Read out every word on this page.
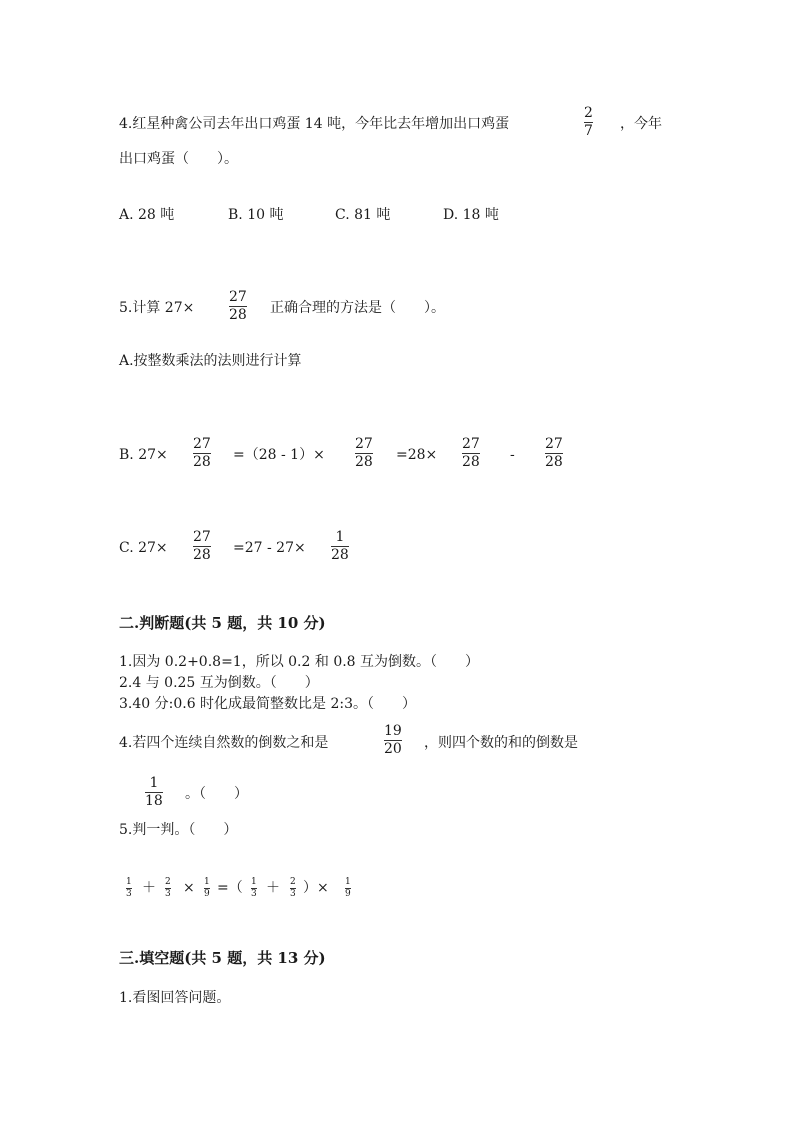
4.红星种禽公司去年出口鸡蛋 14 吨，今年比去年增加出口鸡蛋
2
7 ，今年
出口鸡蛋（　　）。
A. 28 吨	B. 10 吨	C. 81 吨	D. 18 吨
5.计算 27×
27
28 正确合理的方法是（　　）。
A.按整数乘法的法则进行计算
B. 27×
27
28 =（28 - 1）×
27
28 =28×
27
28 -
27
28
C. 27×
27
28 =27 - 27×
1
28
二.判断题(共 5 题，共 10 分)
1.因为 0.2+0.8=1，所以 0.2 和 0.8 互为倒数。（　　）
2.4 与 0.25 互为倒数。（　　）
3.40 分:0.6 时化成最简整数比是 2:3。（　　）
4.若四个连续自然数的倒数之和是
19
20 ，则四个数的和的倒数是
1
18 。（　　）
5.判一判。（　　）
1
3 ＋ 2
3 × 1
9 =（ 1
3 ＋ 2
3 ）× 1
9
三.填空题(共 5 题，共 13 分)
1.看图回答问题。
